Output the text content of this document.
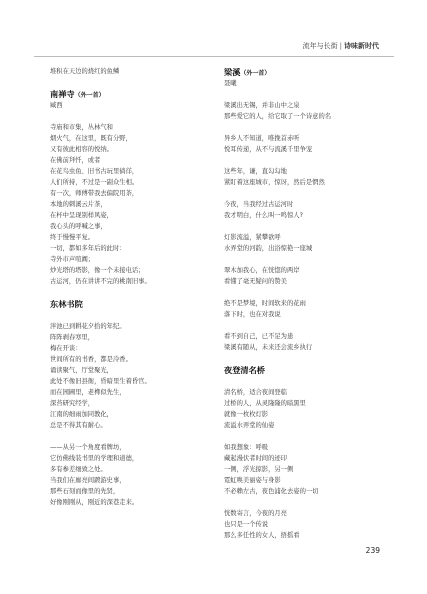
流年与长街 | 诗味新时代
堆积在天边的烧红的鱼鳞
南禅寺（外一首）
臧西
寺庙和市集，丛林气和
烟火气，在这里，既有分野，
又有彼此相容的悦纳。
在佛前拜忏，或者
在花鸟虫鱼、旧书古玩里徜徉，
人们所持，不过是一副众生相。
有一次，师傅带我去偏院用茶，
本地的刺溪云片茶，
在杯中呈现别样风姿，
我心头的呼喊之事，
终于慢慢平复。
一切，都如多年后的此时：
寺外市声喧阗；
炒光塔的塔影，像一个未接电话；
古运河，仍在讲讲不完的桃南旧事。
东林书院
泮池已到耕花夕拾的年纪。
阵阵剥春寒里，
梅在开谈：
世间所有的书香，都是冷香。
诵读聚气，厅堂聚光，
此处不像旧县衙，昏暗里生着昏官。
而在园圃里，老榫似先生，
深苔研究经学，
江南的细雨加同教化，
总是不得其有耐心。
——从另一个角度看牌坊，
它仿佛线装书里的学理和道德，
多有参差细致之处。
当我们在廊亮间踱游史事，
那些石刻而像里的先贤，
好像刚刚从，刚近的深巷走来。
梁溪（外一首）
聂曦
梁溪出无锡，并非山中之泉
那些爱它的人，给它取了一个诗意的名
异乡人不知道，唯挽首赤听
悦耳传递，从不与流溪千里争宠
这些年，谦，直勾勾地
紧盯着这座城市，惊讶，然后是惘然
今夜，当我经过古运河时
我才明白，什么叫一鸣惊人?
灯影流溢，紧攀欲呼
水弄堂的河韵，出浴惊艳一座城
翠木加我心，在恍惚的两岸
看懂了毫无疑问的赞美
绝不是梦境，时间软来的花雨
落下时，也在对我说
看不到自己，已不足为患
梁溪有随从，未来还会流乡执行
夜登清名桥
清名桥，适合夜间登临
过桥的人，从灵隆隆的暗黑里
就像一枚枚灯影
流溢水弄堂的仙姿
如我想象：呼吸
藏起漫伏者时间的迹印
一侧，浮光掠影，另一侧
霓虹唤美丽姿与身影
不必賴左古，夜色浦化去姿的一切
恍数寄言，今夜的月亮
也只是一个传说
那么多任性的女人，捂摇看
239
